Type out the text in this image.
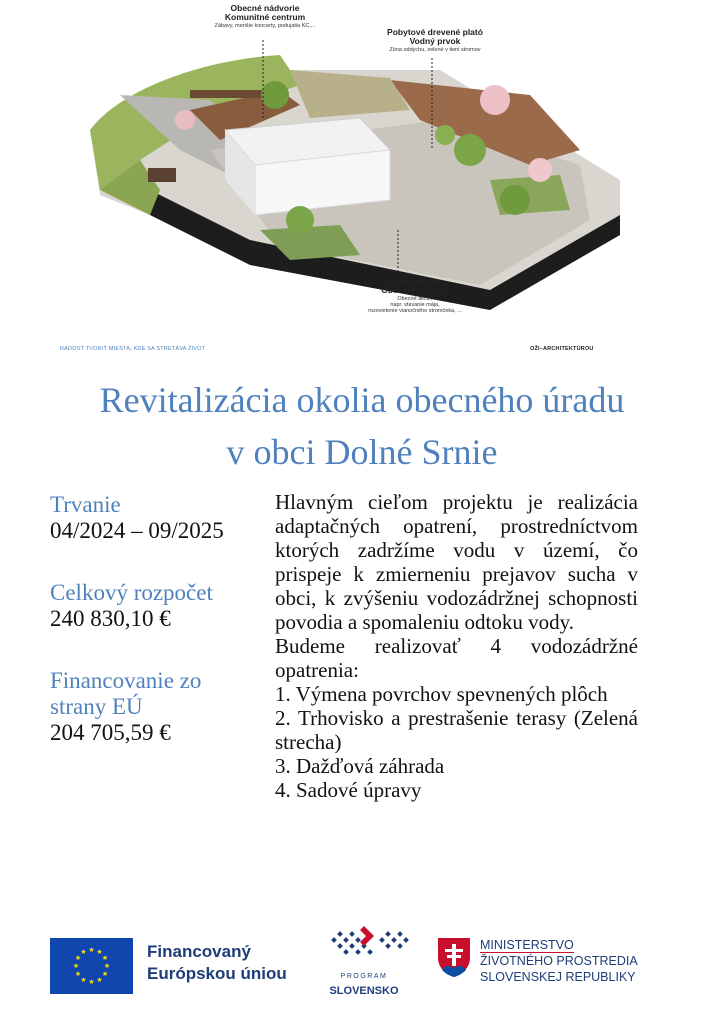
Obecné nádvorie
Komunitné centrum
Zábavy, menšie koncerty, podujatia KC,...
Pobytové drevené plató
Vodný prvok
Zóna oddychu, zelené v tieni stromov
Predpriestor
Obecného úradu
Obecné akcie,
napr. stavanie mája,
rozsvietenie vianočného stromčeka, ...
RADOSŤ TVORIŤ MIESTA, KDE SA STRETÁVA ŽIVOT	OŽI–ARCHITEKTÚROU
Revitalizácia okolia obecného úradu
v obci Dolné Srnie
Trvanie
04/2024 – 09/2025
Celkový rozpočet
240 830,10 €
Financovanie zo
strany EÚ
204 705,59 €

Hlavným cieľom projektu je realizácia adaptačných opatrení, prostredníctvom ktorých zadržíme vodu v území, čo prispeje k zmierneniu prejavov sucha v obci, k zvýšeniu vodozádržnej schopnosti povodia a spomaleniu odtoku vody.

Budeme realizovať 4 vodozádržné opatrenia:

1. Výmena povrchov spevnených plôch

2. Trhovisko a prestrašenie terasy (Zelená strecha)

3. Dažďová záhrada

4. Sadové úpravy

★ ★
★
★
★
★
★
★
★
★
★
★	Financovaný
Európskou úniou	PROGRAM
SLOVENSKO
MINISTERSTVO
ŽIVOTNÉHO PROSTREDIA
SLOVENSKEJ REPUBLIKY
